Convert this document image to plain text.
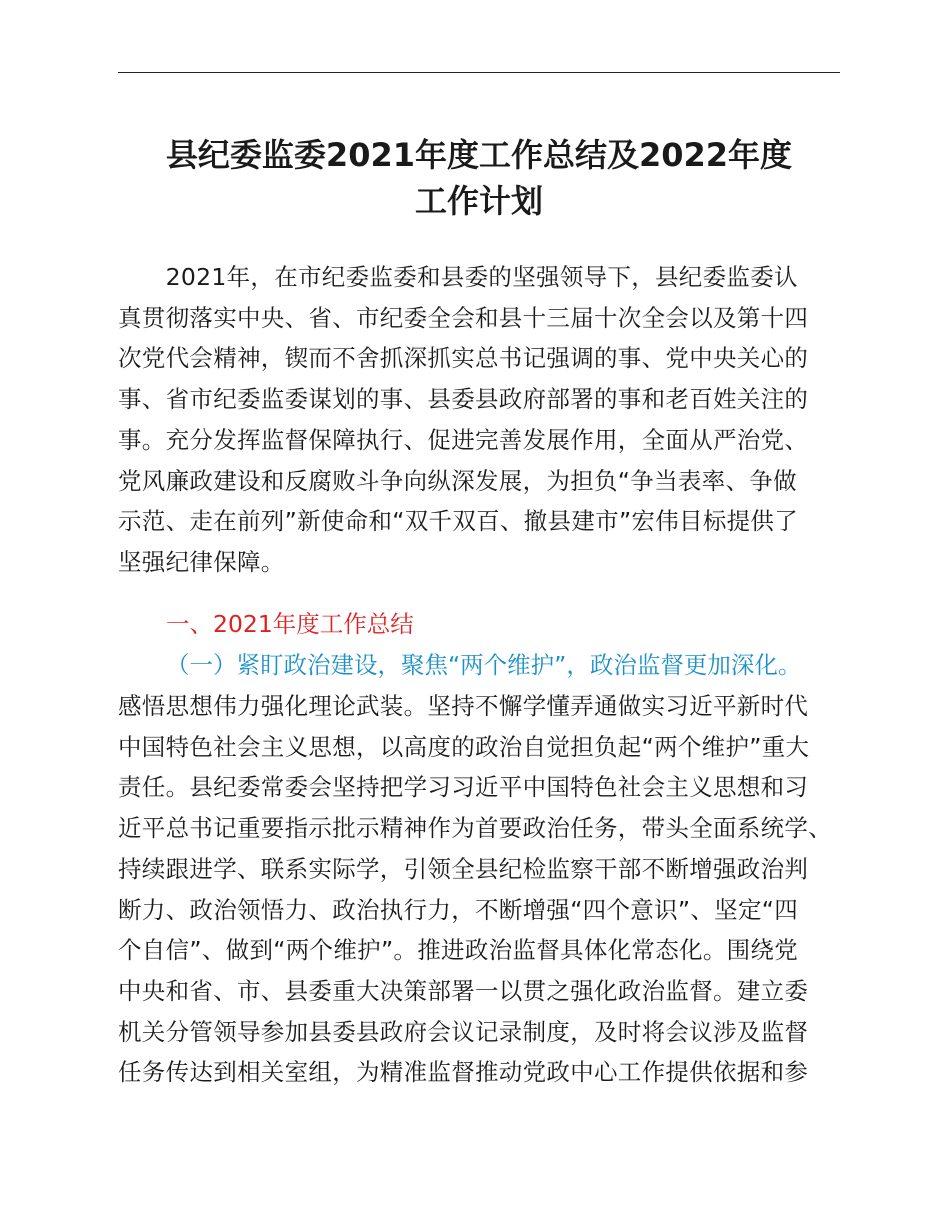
县纪委监委2021年度工作总结及2022年度
工作计划

　　2021年，在市纪委监委和县委的坚强领导下，县纪委监委认
真贯彻落实中央、省、市纪委全会和县十三届十次全会以及第十四
次党代会精神，锲而不舍抓深抓实总书记强调的事、党中央关心的
事、省市纪委监委谋划的事、县委县政府部署的事和老百姓关注的
事。充分发挥监督保障执行、促进完善发展作用，全面从严治党、
党风廉政建设和反腐败斗争向纵深发展，为担负“争当表率、争做
示范、走在前列”新使命和“双千双百、撤县建市”宏伟目标提供了
坚强纪律保障。

一、2021年度工作总结
（一）紧盯政治建设，聚焦“两个维护”，政治监督更加深化。

感悟思想伟力强化理论武装。坚持不懈学懂弄通做实习近平新时代
中国特色社会主义思想，以高度的政治自觉担负起“两个维护”重大
责任。县纪委常委会坚持把学习习近平中国特色社会主义思想和习
近平总书记重要指示批示精神作为首要政治任务，带头全面系统学、
持续跟进学、联系实际学，引领全县纪检监察干部不断增强政治判
断力、政治领悟力、政治执行力，不断增强“四个意识”、坚定“四
个自信”、做到“两个维护”。推进政治监督具体化常态化。围绕党
中央和省、市、县委重大决策部署一以贯之强化政治监督。建立委
机关分管领导参加县委县政府会议记录制度，及时将会议涉及监督
任务传达到相关室组，为精准监督推动党政中心工作提供依据和参
